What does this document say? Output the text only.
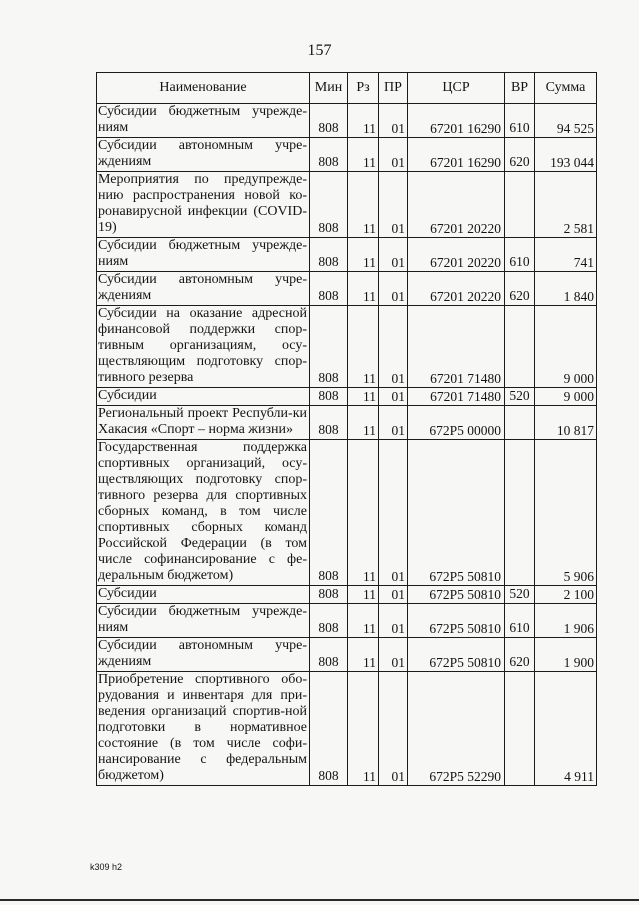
157
Наименование	Мин	Рз	ПР	ЦСР	ВР	Сумма
Субсидии бюджетным учрежде-ниям	808	11	01	67201 16290	610	94 525
Субсидии автономным учре-ждениям	808	11	01	67201 16290	620	193 044
Мероприятия по предупрежде-нию распространения новой ко-ронавирусной инфекции (COVID-19)	808	11	01	67201 20220		2 581
Субсидии бюджетным учрежде-ниям	808	11	01	67201 20220	610	741
Субсидии автономным учре-ждениям	808	11	01	67201 20220	620	1 840
Субсидии на оказание адресной финансовой поддержки спор-тивным организациям, осу-ществляющим подготовку спор-тивного резерва	808	11	01	67201 71480		9 000
Субсидии	808	11	01	67201 71480	520	9 000
Региональный проект Республи-ки Хакасия «Спорт – норма жизни»	808	11	01	672P5 00000		10 817
Государственная поддержка спортивных организаций, осу-ществляющих подготовку спор-тивного резерва для спортивных сборных команд, в том числе спортивных сборных команд Российской Федерации (в том числе софинансирование с фе-деральным бюджетом)	808	11	01	672P5 50810		5 906
Субсидии	808	11	01	672P5 50810	520	2 100
Субсидии бюджетным учрежде-ниям	808	11	01	672P5 50810	610	1 906
Субсидии автономным учре-ждениям	808	11	01	672P5 50810	620	1 900
Приобретение спортивного обо-рудования и инвентаря для при-ведения организаций спортив-ной подготовки в нормативное состояние (в том числе софи-нансирование с федеральным бюджетом)	808	11	01	672P5 52290		4 911
k309 h2
